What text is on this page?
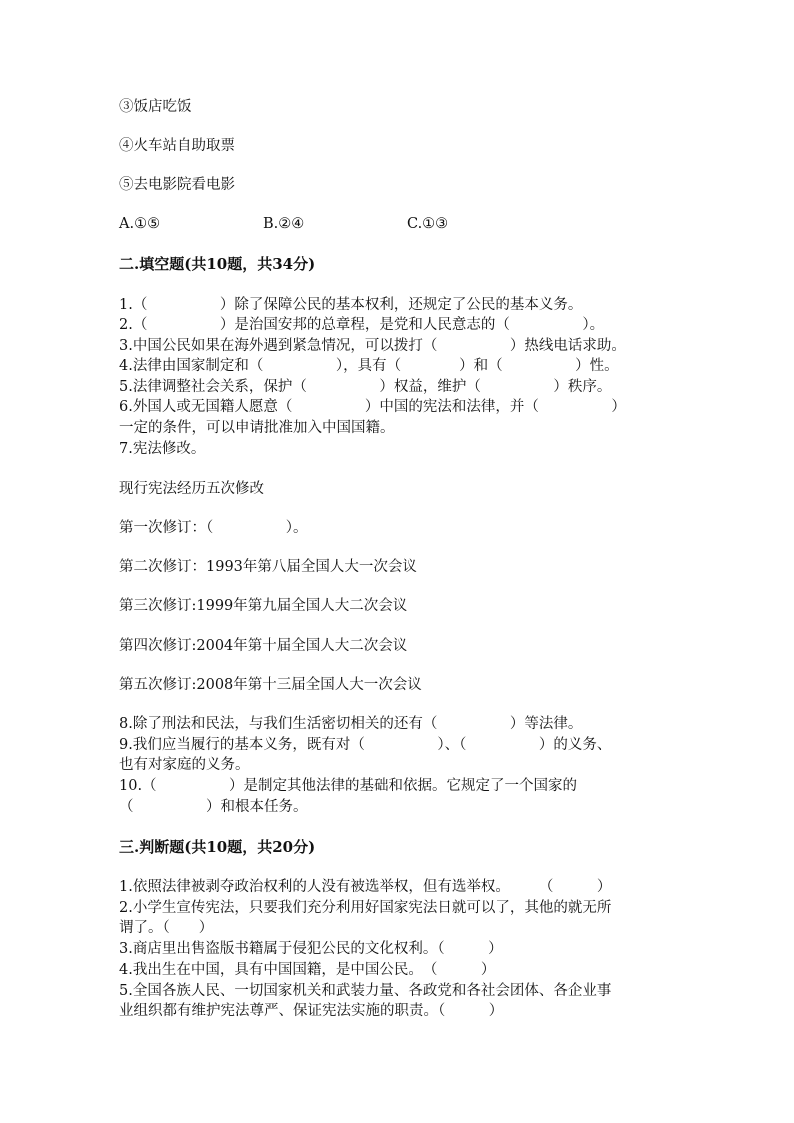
③饭店吃饭
④火车站自助取票
⑤去电影院看电影
A.①⑤	B.②④	C.①③
二.填空题(共10题，共34分)
1.（　　　　　）除了保障公民的基本权利，还规定了公民的基本义务。
2.（　　　　　）是治国安邦的总章程，是党和人民意志的（　　　　　）。
3.中国公民如果在海外遇到紧急情况，可以拨打（　　　　　）热线电话求助。
4.法律由国家制定和（　　　　　），具有（　　　　）和（　　　　　）性。
5.法律调整社会关系，保护（　　　　　）权益，维护（　　　　　）秩序。
6.外国人或无国籍人愿意（　　　　　）中国的宪法和法律，并（　　　　　）
一定的条件，可以申请批准加入中国国籍。
7.宪法修改。
现行宪法经历五次修改
第一次修订：（　　　　　）。
第二次修订：1993年第八届全国人大一次会议
第三次修订:1999年第九届全国人大二次会议
第四次修订:2004年第十届全国人大二次会议
第五次修订:2008年第十三届全国人大一次会议
8.除了刑法和民法，与我们生活密切相关的还有（　　　　　）等法律。
9.我们应当履行的基本义务，既有对（　　　　　）、（　　　　　）的义务、
也有对家庭的义务。
10.（　　　　　）是制定其他法律的基础和依据。它规定了一个国家的
（　　　　　）和根本任务。
三.判断题(共10题，共20分)
1.依照法律被剥夺政治权利的人没有被选举权，但有选举权。　　　（　　　）
2.小学生宣传宪法，只要我们充分利用好国家宪法日就可以了，其他的就无所
谓了。（　　）
3.商店里出售盗版书籍属于侵犯公民的文化权利。（　　　）
4.我出生在中国，具有中国国籍，是中国公民。　（　　　）
5.全国各族人民、一切国家机关和武装力量、各政党和各社会团体、各企业事
业组织都有维护宪法尊严、保证宪法实施的职责。（　　　）
